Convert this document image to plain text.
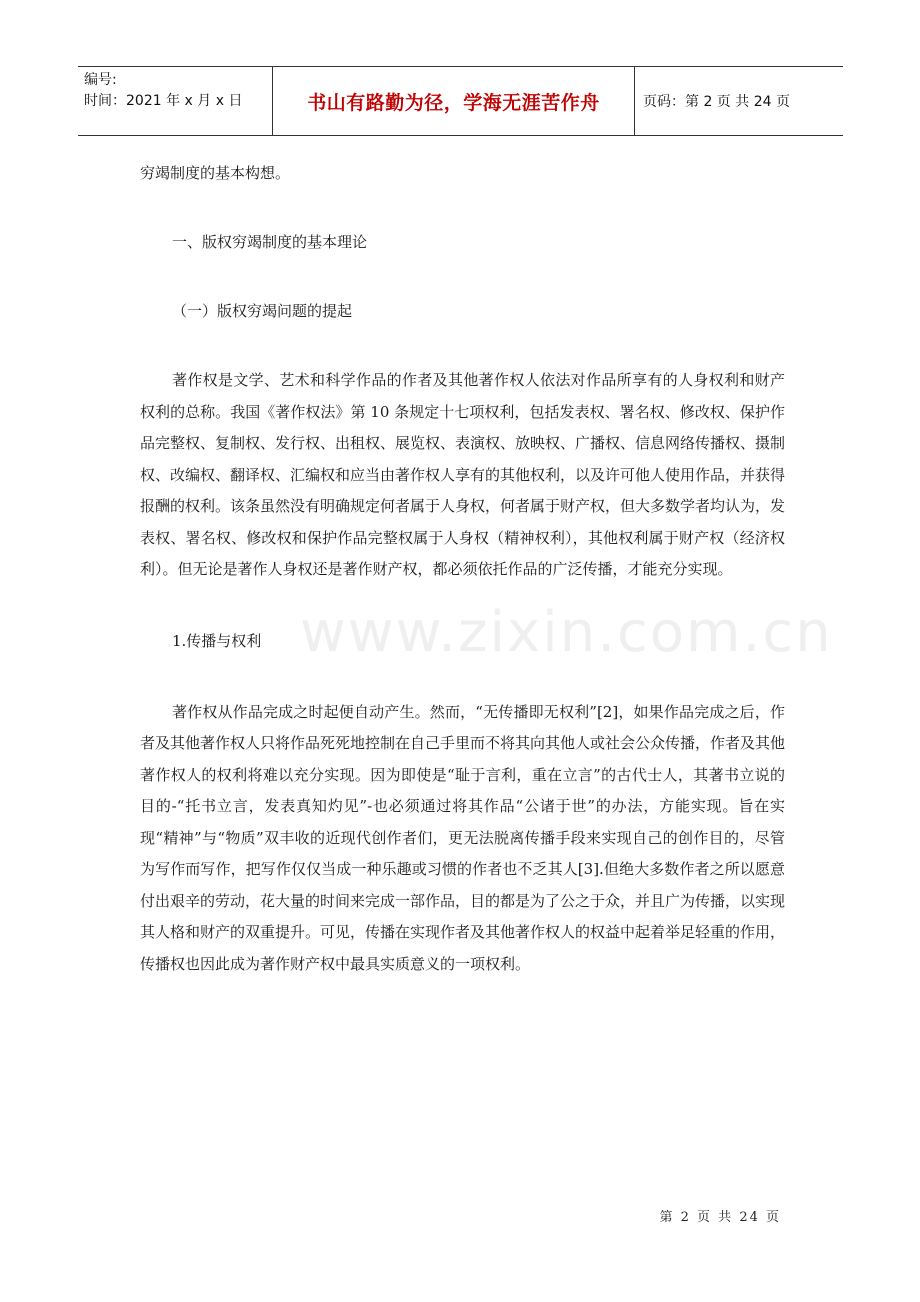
编号:
时间：2021 年 x 月 x 日	书山有路勤为径，学海无涯苦作舟	页码：第 2 页 共 24 页
www.zixin.com.cn

穷竭制度的基本构想。

一、版权穷竭制度的基本理论

（一）版权穷竭问题的提起

著作权是文学、艺术和科学作品的作者及其他著作权人依法对作品所享有的人身权利和财产权利的总称。我国《著作权法》第 10 条规定十七项权利，包括发表权、署名权、修改权、保护作品完整权、复制权、发行权、出租权、展览权、表演权、放映权、广播权、信息网络传播权、摄制权、改编权、翻译权、汇编权和应当由著作权人享有的其他权利，以及许可他人使用作品，并获得报酬的权利。该条虽然没有明确规定何者属于人身权，何者属于财产权，但大多数学者均认为，发表权、署名权、修改权和保护作品完整权属于人身权（精神权利），其他权利属于财产权（经济权利）。但无论是著作人身权还是著作财产权，都必须依托作品的广泛传播，才能充分实现。

1.传播与权利

著作权从作品完成之时起便自动产生。然而，“无传播即无权利”[2]，如果作品完成之后，作者及其他著作权人只将作品死死地控制在自己手里而不将其向其他人或社会公众传播，作者及其他著作权人的权利将难以充分实现。因为即使是“耻于言利，重在立言”的古代士人，其著书立说的目的-“托书立言，发表真知灼见”-也必须通过将其作品“公诸于世”的办法，方能实现。旨在实现“精神”与“物质”双丰收的近现代创作者们，更无法脱离传播手段来实现自己的创作目的，尽管为写作而写作，把写作仅仅当成一种乐趣或习惯的作者也不乏其人[3].但绝大多数作者之所以愿意付出艰辛的劳动，花大量的时间来完成一部作品，目的都是为了公之于众，并且广为传播，以实现其人格和财产的双重提升。可见，传播在实现作者及其他著作权人的权益中起着举足轻重的作用，传播权也因此成为著作财产权中最具实质意义的一项权利。

第 2 页 共 24 页
